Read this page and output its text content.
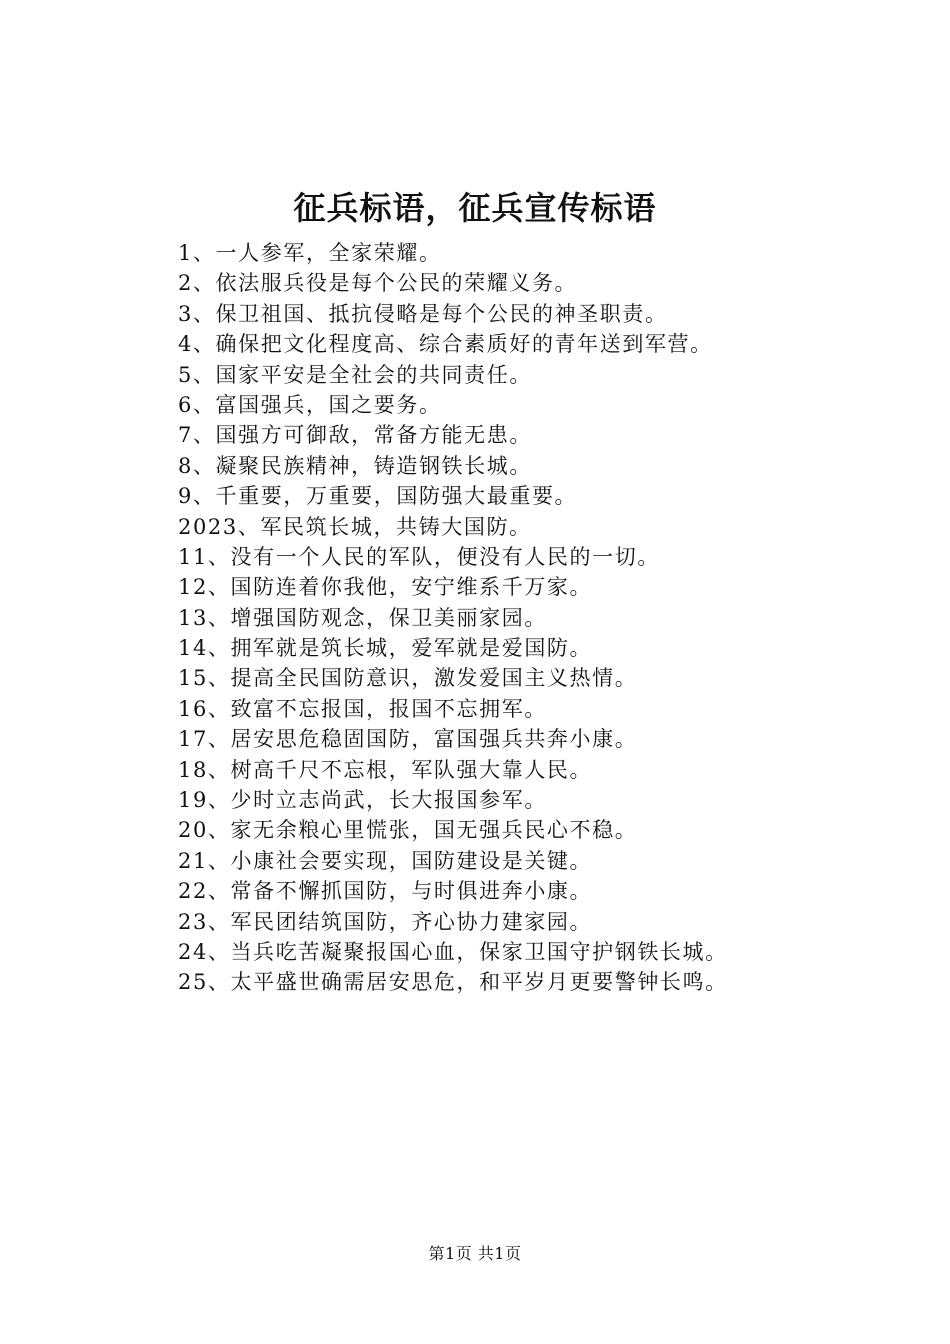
征兵标语，征兵宣传标语
1、一人参军，全家荣耀。
2、依法服兵役是每个公民的荣耀义务。
3、保卫祖国、抵抗侵略是每个公民的神圣职责。
4、确保把文化程度高、综合素质好的青年送到军营。
5、国家平安是全社会的共同责任。
6、富国强兵，国之要务。
7、国强方可御敌，常备方能无患。
8、凝聚民族精神，铸造钢铁长城。
9、千重要，万重要，国防强大最重要。
2023、军民筑长城，共铸大国防。
11、没有一个人民的军队，便没有人民的一切。
12、国防连着你我他，安宁维系千万家。
13、增强国防观念，保卫美丽家园。
14、拥军就是筑长城，爱军就是爱国防。
15、提高全民国防意识，激发爱国主义热情。
16、致富不忘报国，报国不忘拥军。
17、居安思危稳固国防，富国强兵共奔小康。
18、树高千尺不忘根，军队强大靠人民。
19、少时立志尚武，长大报国参军。
20、家无余粮心里慌张，国无强兵民心不稳。
21、小康社会要实现，国防建设是关键。
22、常备不懈抓国防，与时俱进奔小康。
23、军民团结筑国防，齐心协力建家园。
24、当兵吃苦凝聚报国心血，保家卫国守护钢铁长城。
25、太平盛世确需居安思危，和平岁月更要警钟长鸣。
第1页 共1页
